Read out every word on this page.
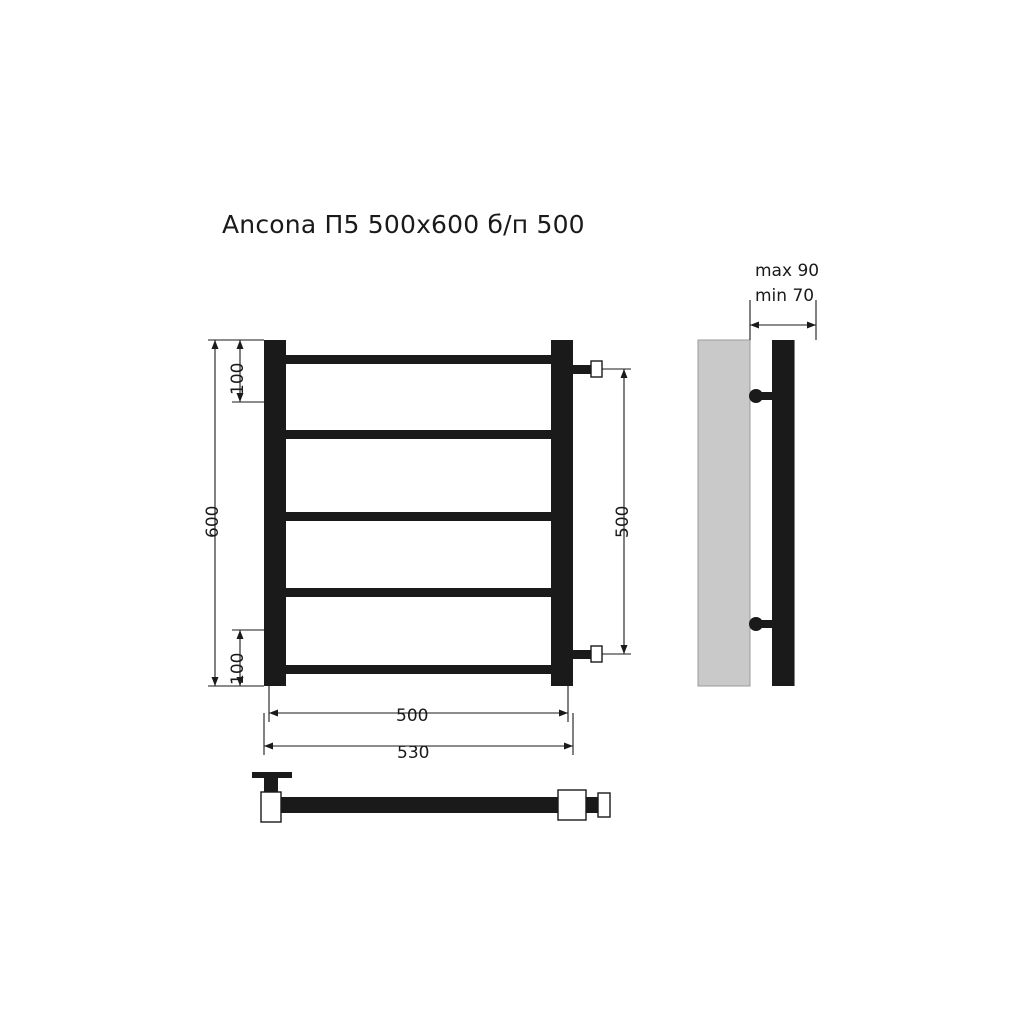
Ancona П5 500x600 б/п 500
100
600
100
500
500
530
max 90
min 70
